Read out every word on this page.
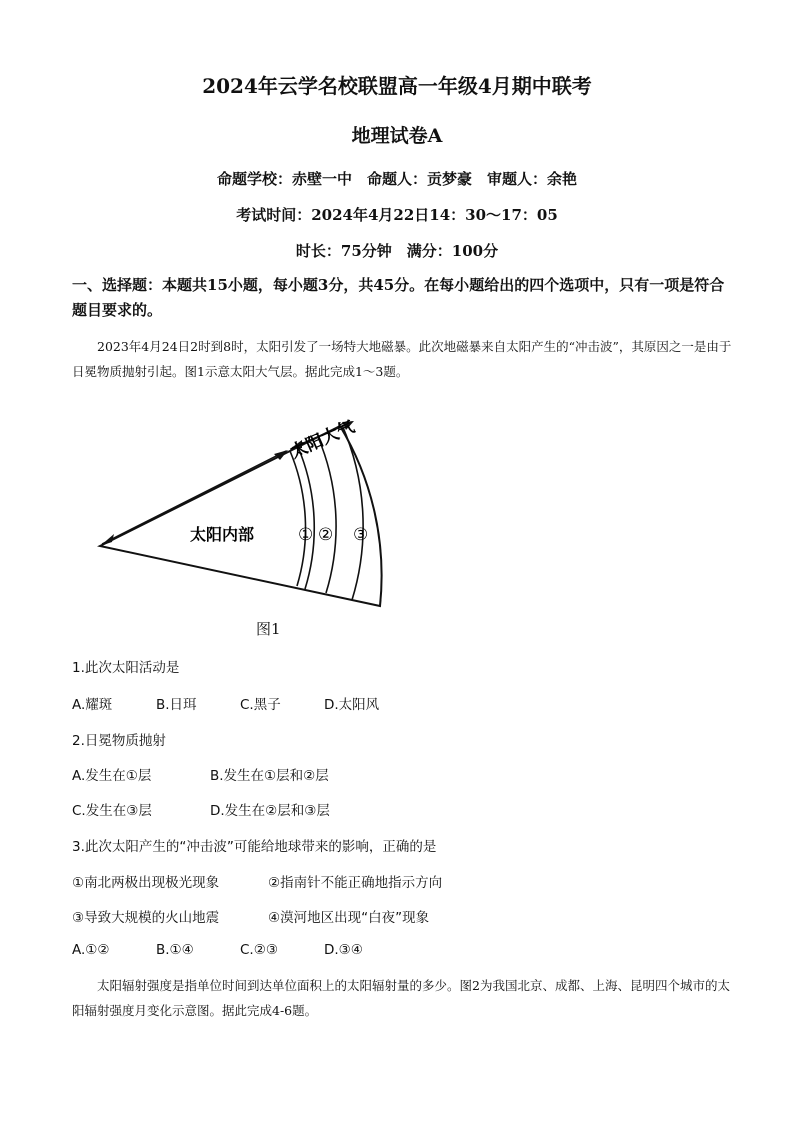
2024年云学名校联盟高一年级4月期中联考
地理试卷A
命题学校：赤壁一中　命题人：贡梦豪　审题人：余艳
考试时间：2024年4月22日14：30～17：05
时长：75分钟　满分：100分
一、选择题：本题共15小题，每小题3分，共45分。在每小题给出的四个选项中，只有一项是符合题目要求的。
2023年4月24日2时到8时，太阳引发了一场特大地磁暴。此次地磁暴来自太阳产生的“冲击波”，其原因之一是由于日冕物质抛射引起。图1示意太阳大气层。据此完成1～3题。
太阳大气
太阳内部	① ② ③
图1
1.此次太阳活动是
A.耀斑	B.日珥	C.黑子	D.太阳风
2.日冕物质抛射
A.发生在①层	B.发生在①层和②层
C.发生在③层	D.发生在②层和③层
3.此次太阳产生的“冲击波”可能给地球带来的影响，正确的是
①南北两极出现极光现象	②指南针不能正确地指示方向
③导致大规模的火山地震	④漠河地区出现“白夜”现象
A.①②	B.①④	C.②③	D.③④
太阳辐射强度是指单位时间到达单位面积上的太阳辐射量的多少。图2为我国北京、成都、上海、昆明四个城市的太阳辐射强度月变化示意图。据此完成4-6题。
